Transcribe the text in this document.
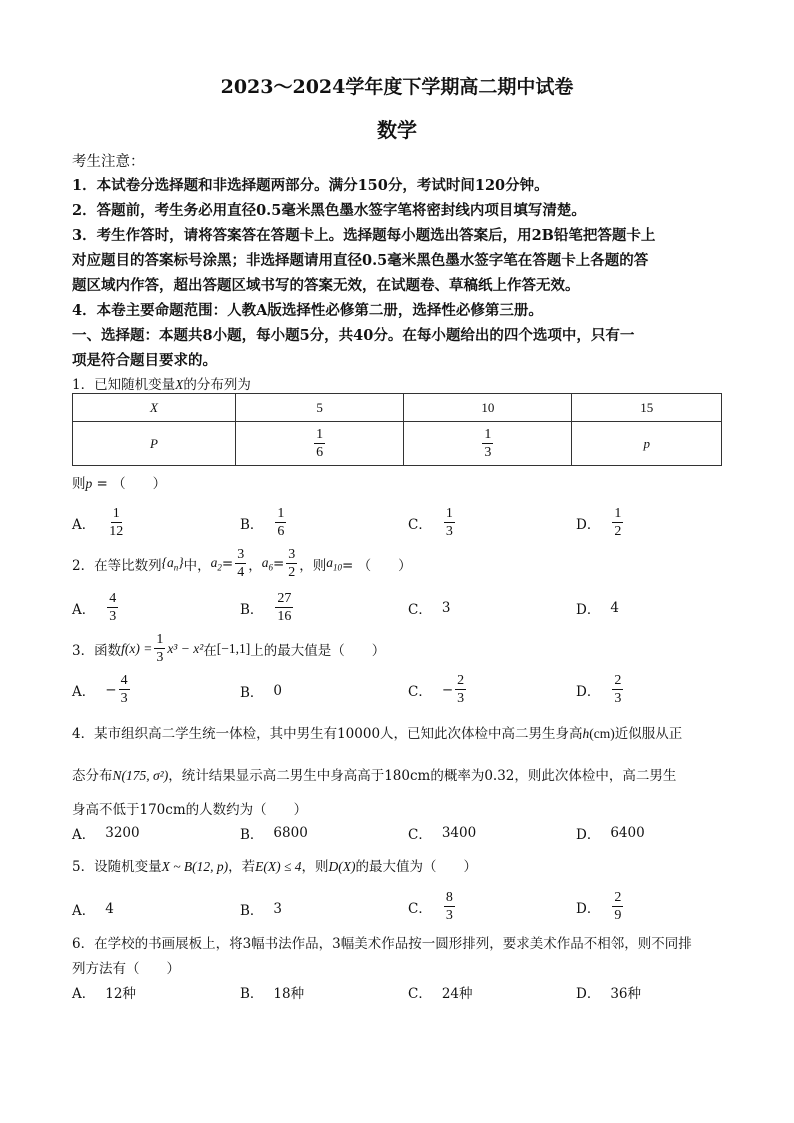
2023～2024学年度下学期高二期中试卷
数学
考生注意：
1．本试卷分选择题和非选择题两部分。满分150分，考试时间120分钟。
2．答题前，考生务必用直径0.5毫米黑色墨水签字笔将密封线内项目填写清楚。
3．考生作答时，请将答案答在答题卡上。选择题每小题选出答案后，用2B铅笔把答题卡上
对应题目的答案标号涂黑；非选择题请用直径0.5毫米黑色墨水签字笔在答题卡上各题的答
题区域内作答，超出答题区域书写的答案无效，在试题卷、草稿纸上作答无效。
4．本卷主要命题范围：人教A版选择性必修第二册，选择性必修第三册。
一、选择题：本题共8小题，每小题5分，共40分。在每小题给出的四个选项中，只有一
项是符合题目要求的。
1．已知随机变量X的分布列为
X	5	10	15
P	$\frac{1}{6}$	$\frac{1}{3}$	p
则p = （　　）
A． $\frac{1}{12}$	B． $\frac{1}{6}$	C． $\frac{1}{3}$	D． $\frac{1}{2}$
2．在等比数列 $\{a_n\}$ 中， $a_2 = \frac{3}{4}$ ， $a_6 = \frac{3}{2}$ ，则 $a_{10}$ = （　　）
A． $\frac{4}{3}$	B． $\frac{27}{16}$	C． 3	D． 4
3．函数 $f(x) = \frac{1}{3} x^3 - x^2$ 在 [−1,1] 上的最大值是（　　）
A． − $\frac{4}{3}$	B． 0	C． − $\frac{2}{3}$	D． $\frac{2}{3}$
4．某市组织高二学生统一体检，其中男生有10000人，已知此次体检中高二男生身高h(cm)近似服从正
态分布N(175, σ²)，统计结果显示高二男生中身高高于180cm的概率为0.32，则此次体检中，高二男生
身高不低于170cm的人数约为（　　）
A． 3200	B． 6800	C． 3400	D． 6400
5．设随机变量X ~ B(12, p)，若E(X) ≤ 4，则D(X)的最大值为（　　）
A． 4	B． 3	C． $\frac{8}{3}$	D． $\frac{2}{9}$
6．在学校的书画展板上，将3幅书法作品，3幅美术作品按一圆形排列，要求美术作品不相邻，则不同排
列方法有（　　）
A． 12种	B． 18种	C． 24种	D． 36种
